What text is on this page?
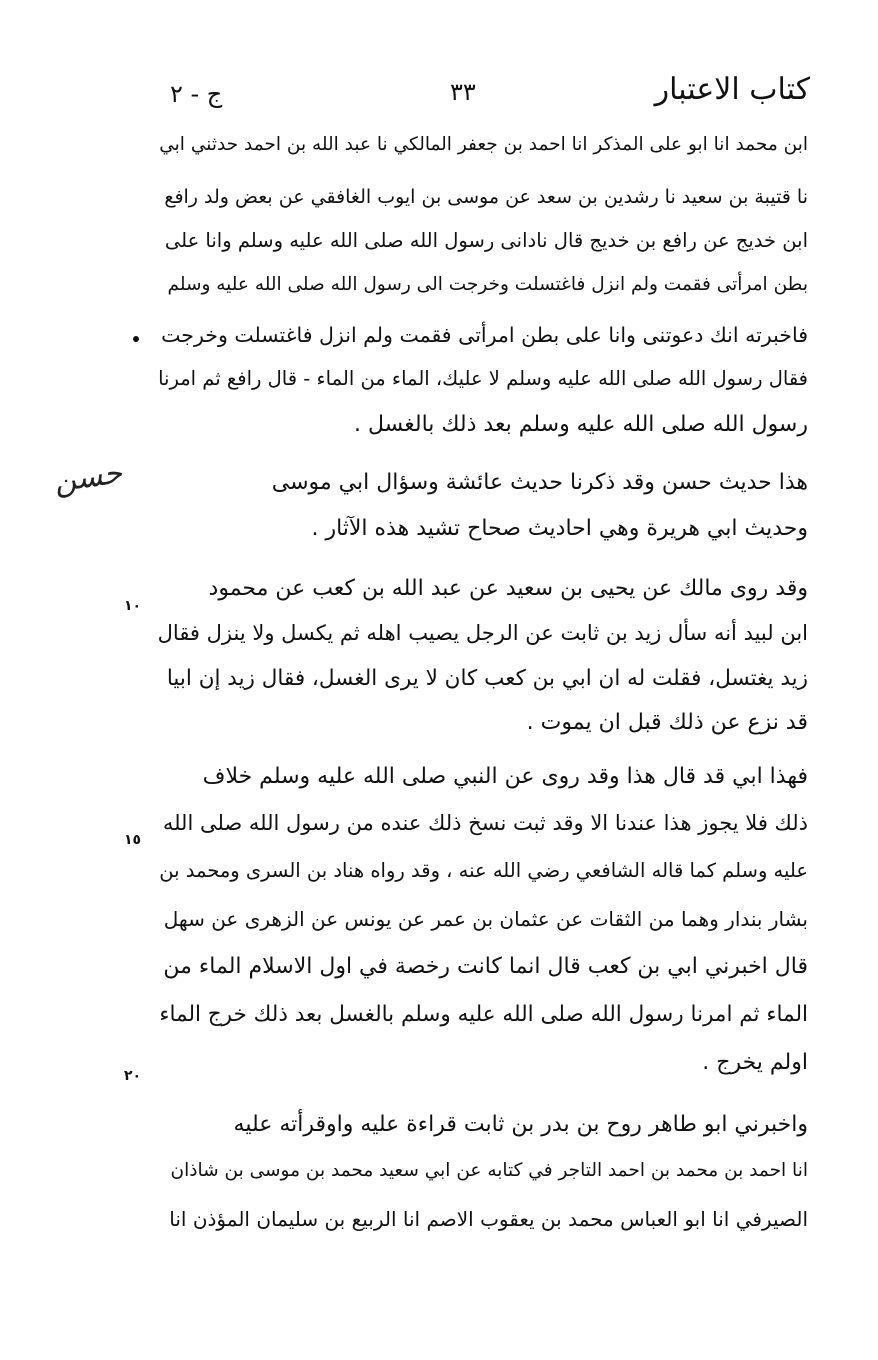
كتاب الاعتبار
٣٣
ج - ٢
حسن
ابن محمد انا ابو على المذكر انا احمد بن جعفر المالكي نا عبد الله بن احمد حدثني ابي
نا قتيبة بن سعيد نا رشدين بن سعد عن موسى بن ايوب الغافقي عن بعض ولد رافع
ابن خديج عن رافع بن خديج قال نادانى رسول الله صلى الله عليه وسلم وانا على
بطن امرأتى فقمت ولم انزل فاغتسلت وخرجت الى رسول الله صلى الله عليه وسلم
فاخبرته انك دعوتنى وانا على بطن امرأتى فقمت ولم انزل فاغتسلت وخرجت
فقال رسول الله صلى الله عليه وسلم لا عليك، الماء من الماء - قال رافع ثم امرنا
رسول الله صلى الله عليه وسلم بعد ذلك بالغسل .
هذا حديث حسن وقد ذكرنا حديث عائشة وسؤال ابي موسى
وحديث ابي هريرة وهي احاديث صحاح تشيد هذه الآثار .
وقد روى مالك عن يحيى بن سعيد عن عبد الله بن كعب عن محمود
ابن لبيد أنه سأل زيد بن ثابت عن الرجل يصيب اهله ثم يكسل ولا ينزل فقال
زيد يغتسل، فقلت له ان ابي بن كعب كان لا يرى الغسل، فقال زيد إن ابيا
قد نزع عن ذلك قبل ان يموت .
فهذا ابي قد قال هذا وقد روى عن النبي صلى الله عليه وسلم خلاف
ذلك فلا يجوز هذا عندنا الا وقد ثبت نسخ ذلك عنده من رسول الله صلى الله
عليه وسلم كما قاله الشافعي رضي الله عنه ، وقد رواه هناد بن السرى ومحمد بن
بشار بندار وهما من الثقات عن عثمان بن عمر عن يونس عن الزهرى عن سهل
قال اخبرني ابي بن كعب قال انما كانت رخصة في اول الاسلام الماء من
الماء ثم امرنا رسول الله صلى الله عليه وسلم بالغسل بعد ذلك خرج الماء
اولم يخرج .
واخبرني ابو طاهر روح بن بدر بن ثابت قراءة عليه واوقرأته عليه
انا احمد بن محمد بن احمد التاجر في كتابه عن ابي سعيد محمد بن موسى بن شاذان
الصيرفي انا ابو العباس محمد بن يعقوب الاصم انا الربيع بن سليمان المؤذن انا
١٠
١٥
٢٠
